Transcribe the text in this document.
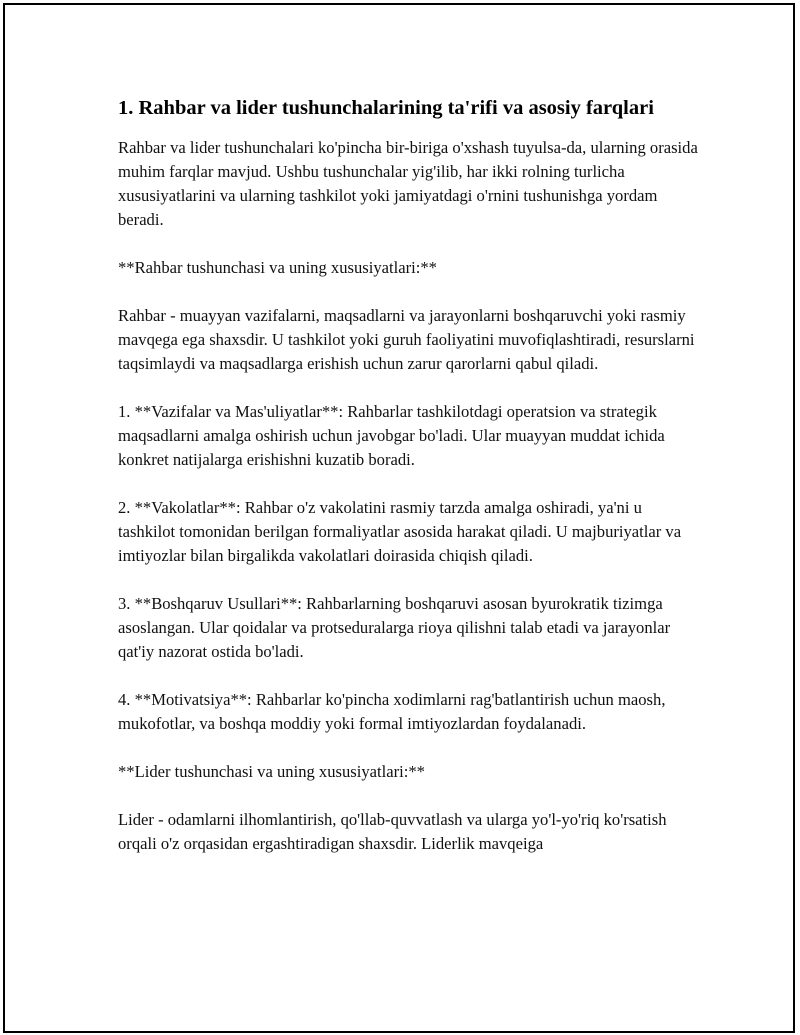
1. Rahbar va lider tushunchalarining ta'rifi va asosiy farqlari

Rahbar va lider tushunchalari ko'pincha bir-biriga o'xshash tuyulsa-da, ularning orasida muhim farqlar mavjud. Ushbu tushunchalar yig'ilib, har ikki rolning turlicha xususiyatlarini va ularning tashkilot yoki jamiyatdagi o'rnini tushunishga yordam beradi.

**Rahbar tushunchasi va uning xususiyatlari:**

Rahbar - muayyan vazifalarni, maqsadlarni va jarayonlarni boshqaruvchi yoki rasmiy mavqega ega shaxsdir. U tashkilot yoki guruh faoliyatini muvofiqlashtiradi, resurslarni taqsimlaydi va maqsadlarga erishish uchun zarur qarorlarni qabul qiladi.

1. **Vazifalar va Mas'uliyatlar**: Rahbarlar tashkilotdagi operatsion va strategik maqsadlarni amalga oshirish uchun javobgar bo'ladi. Ular muayyan muddat ichida konkret natijalarga erishishni kuzatib boradi.

2. **Vakolatlar**: Rahbar o'z vakolatini rasmiy tarzda amalga oshiradi, ya'ni u tashkilot tomonidan berilgan formaliyatlar asosida harakat qiladi. U majburiyatlar va imtiyozlar bilan birgalikda vakolatlari doirasida chiqish qiladi.

3. **Boshqaruv Usullari**: Rahbarlarning boshqaruvi asosan byurokratik tizimga asoslangan. Ular qoidalar va protseduralarga rioya qilishni talab etadi va jarayonlar qat'iy nazorat ostida bo'ladi.

4. **Motivatsiya**: Rahbarlar ko'pincha xodimlarni rag'batlantirish uchun maosh, mukofotlar, va boshqa moddiy yoki formal imtiyozlardan foydalanadi.

**Lider tushunchasi va uning xususiyatlari:**

Lider - odamlarni ilhomlantirish, qo'llab-quvvatlash va ularga yo'l-yo'riq ko'rsatish orqali o'z orqasidan ergashtiradigan shaxsdir. Liderlik mavqeiga
